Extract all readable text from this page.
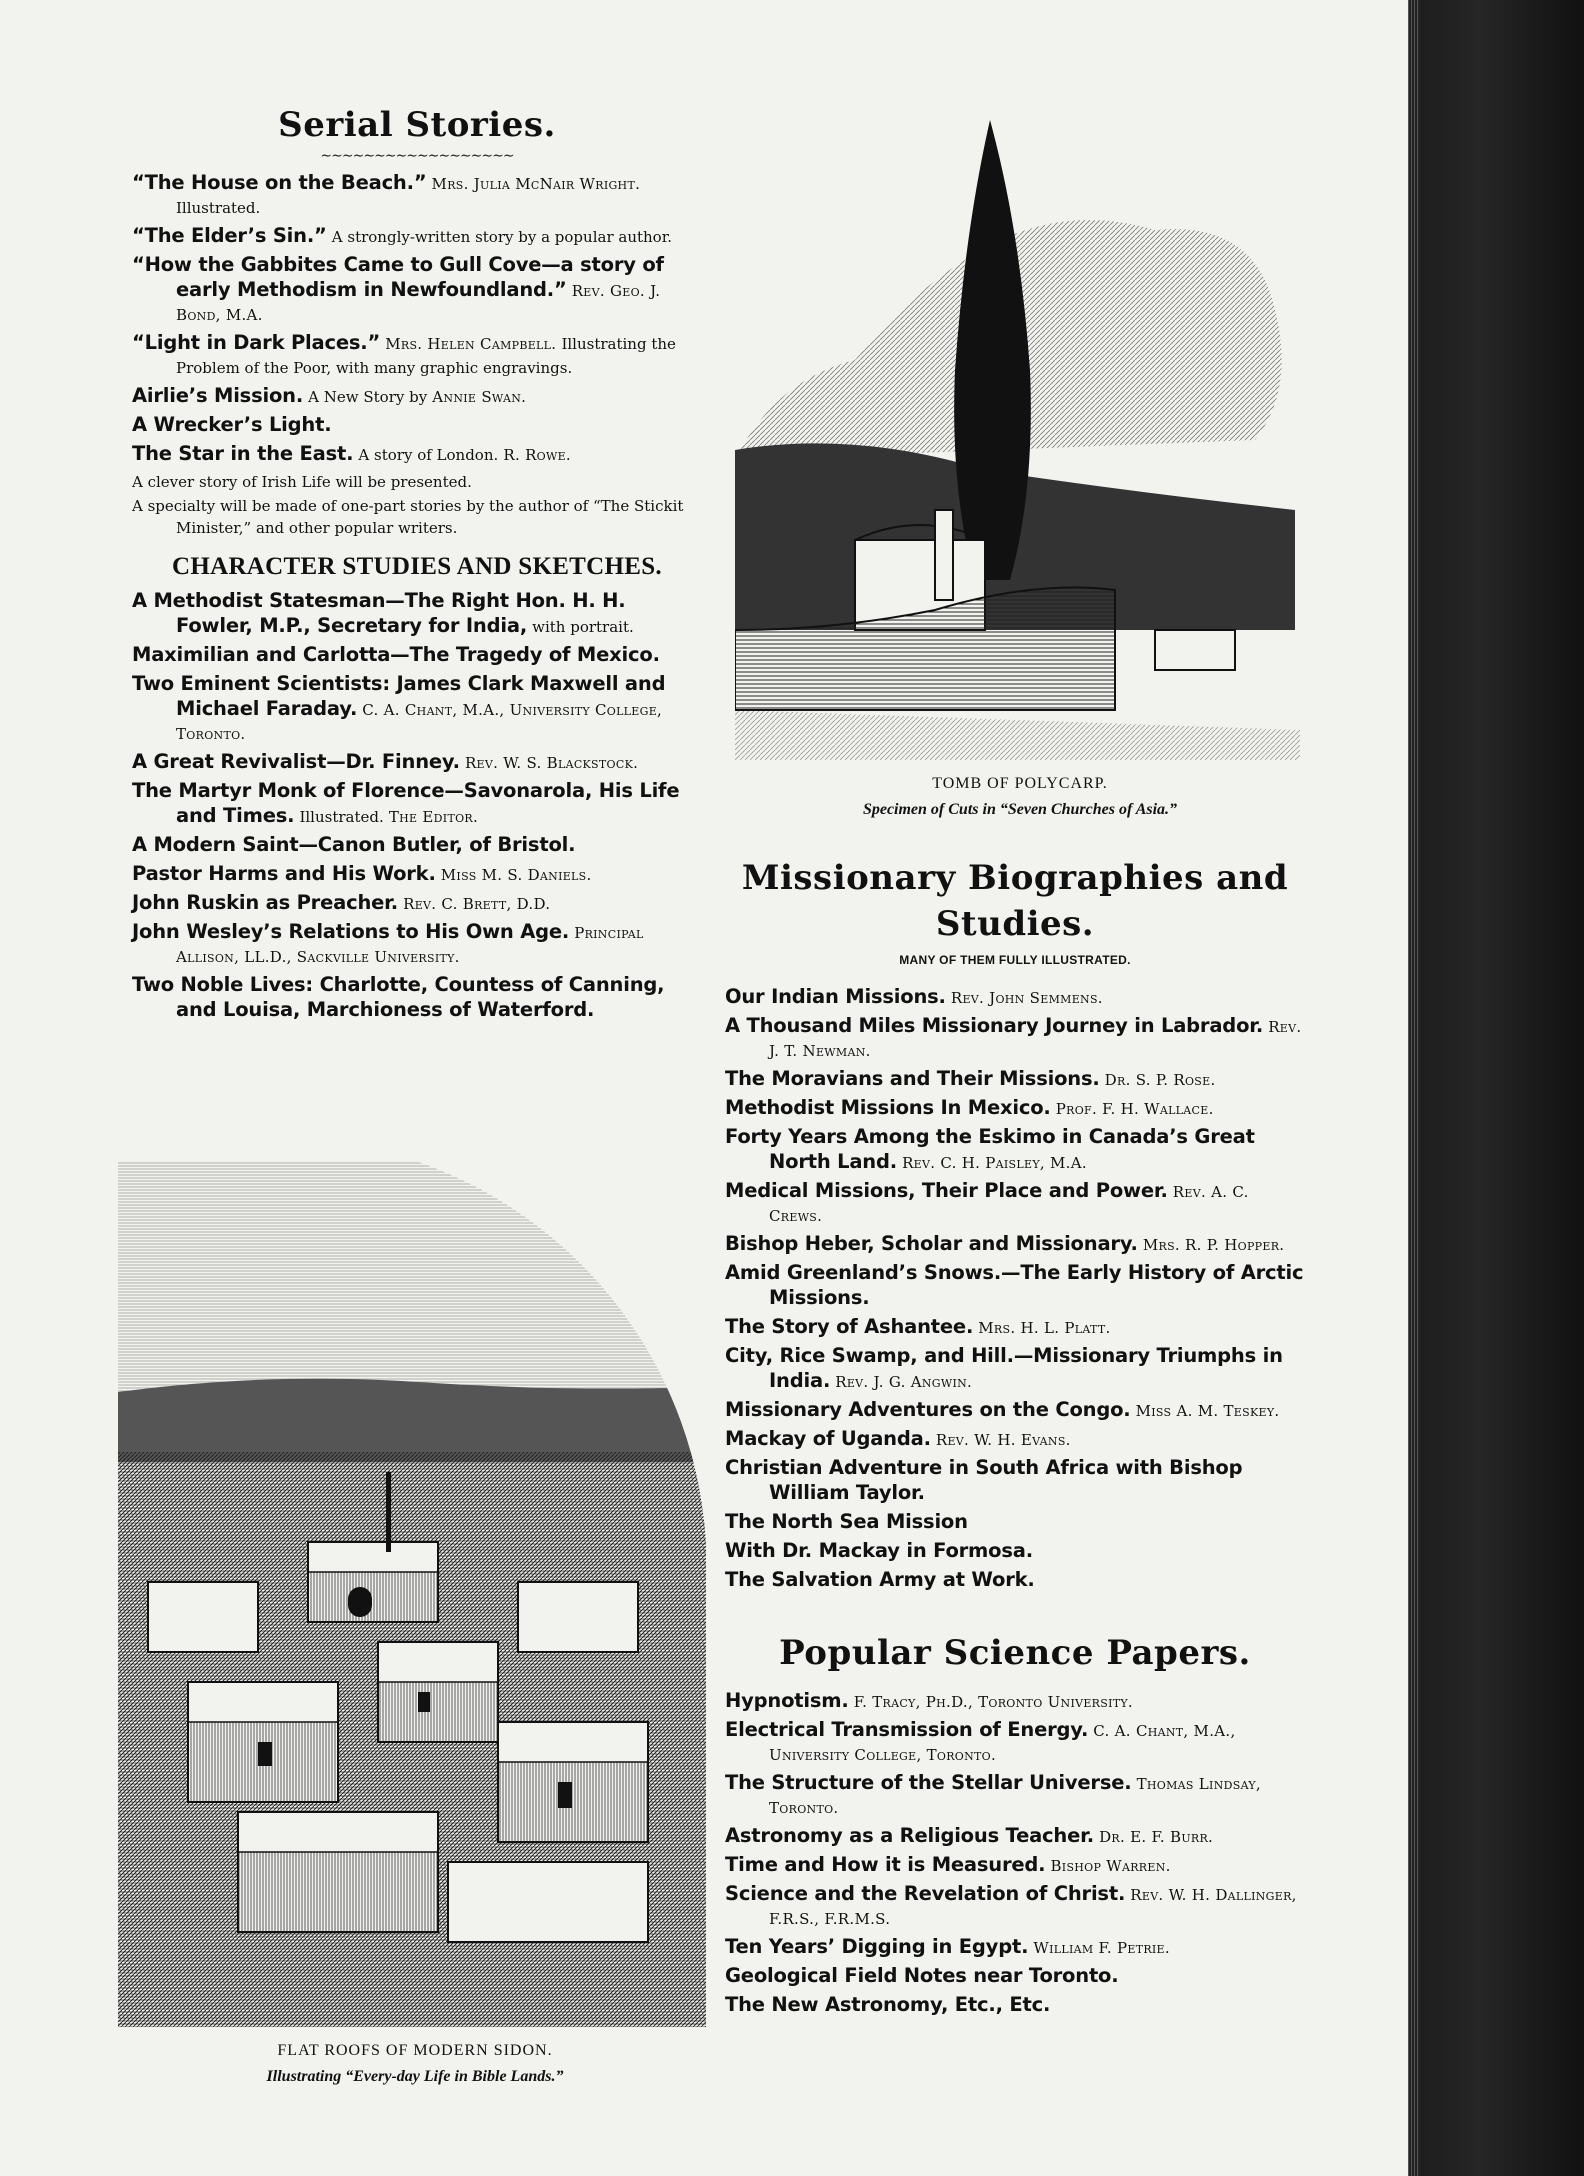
Serial Stories.
∼∼∼∼∼∼∼∼∼∼∼∼∼∼∼∼∼∼

“The House on the Beach.” Mrs. Julia McNair Wright. Illustrated.

“The Elder’s Sin.” A strongly-written story by a popular author.

“How the Gabbites Came to Gull Cove—a story of early Methodism in Newfoundland.” Rev. Geo. J. Bond, M.A.

“Light in Dark Places.” Mrs. Helen Campbell. Illustrating the Problem of the Poor, with many graphic engravings.

Airlie’s Mission. A New Story by Annie Swan.

A Wrecker’s Light.

The Star in the East. A story of London. R. Rowe.

A clever story of Irish Life will be presented.

A specialty will be made of one-part stories by the author of “The Stickit Minister,” and other popular writers.

CHARACTER STUDIES AND SKETCHES.

A Methodist Statesman—The Right Hon. H. H. Fowler, M.P., Secretary for India, with portrait.

Maximilian and Carlotta—The Tragedy of Mexico.

Two Eminent Scientists: James Clark Maxwell and Michael Faraday. C. A. Chant, M.A., University College, Toronto.

A Great Revivalist—Dr. Finney. Rev. W. S. Blackstock.

The Martyr Monk of Florence—Savonarola, His Life and Times. Illustrated. The Editor.

A Modern Saint—Canon Butler, of Bristol.

Pastor Harms and His Work. Miss M. S. Daniels.

John Ruskin as Preacher. Rev. C. Brett, D.D.

John Wesley’s Relations to His Own Age. Principal Allison, LL.D., Sackville University.

Two Noble Lives: Charlotte, Countess of Canning, and Louisa, Marchioness of Waterford.

FLAT ROOFS OF MODERN SIDON.
Illustrating “Every-day Life in Bible Lands.”
TOMB OF POLYCARP.
Specimen of Cuts in “Seven Churches of Asia.”
Missionary Biographies and Studies.
MANY OF THEM FULLY ILLUSTRATED.

Our Indian Missions. Rev. John Semmens.

A Thousand Miles Missionary Journey in Labrador. Rev. J. T. Newman.

The Moravians and Their Missions. Dr. S. P. Rose.

Methodist Missions In Mexico. Prof. F. H. Wallace.

Forty Years Among the Eskimo in Canada’s Great North Land. Rev. C. H. Paisley, M.A.

Medical Missions, Their Place and Power. Rev. A. C. Crews.

Bishop Heber, Scholar and Missionary. Mrs. R. P. Hopper.

Amid Greenland’s Snows.—The Early History of Arctic Missions.

The Story of Ashantee. Mrs. H. L. Platt.

City, Rice Swamp, and Hill.—Missionary Triumphs in India. Rev. J. G. Angwin.

Missionary Adventures on the Congo. Miss A. M. Teskey.

Mackay of Uganda. Rev. W. H. Evans.

Christian Adventure in South Africa with Bishop William Taylor.

The North Sea Mission

With Dr. Mackay in Formosa.

The Salvation Army at Work.

Popular Science Papers.

Hypnotism. F. Tracy, Ph.D., Toronto University.

Electrical Transmission of Energy. C. A. Chant, M.A., University College, Toronto.

The Structure of the Stellar Universe. Thomas Lindsay, Toronto.

Astronomy as a Religious Teacher. Dr. E. F. Burr.

Time and How it is Measured. Bishop Warren.

Science and the Revelation of Christ. Rev. W. H. Dallinger, F.R.S., F.R.M.S.

Ten Years’ Digging in Egypt. William F. Petrie.

Geological Field Notes near Toronto.

The New Astronomy, Etc., Etc.
